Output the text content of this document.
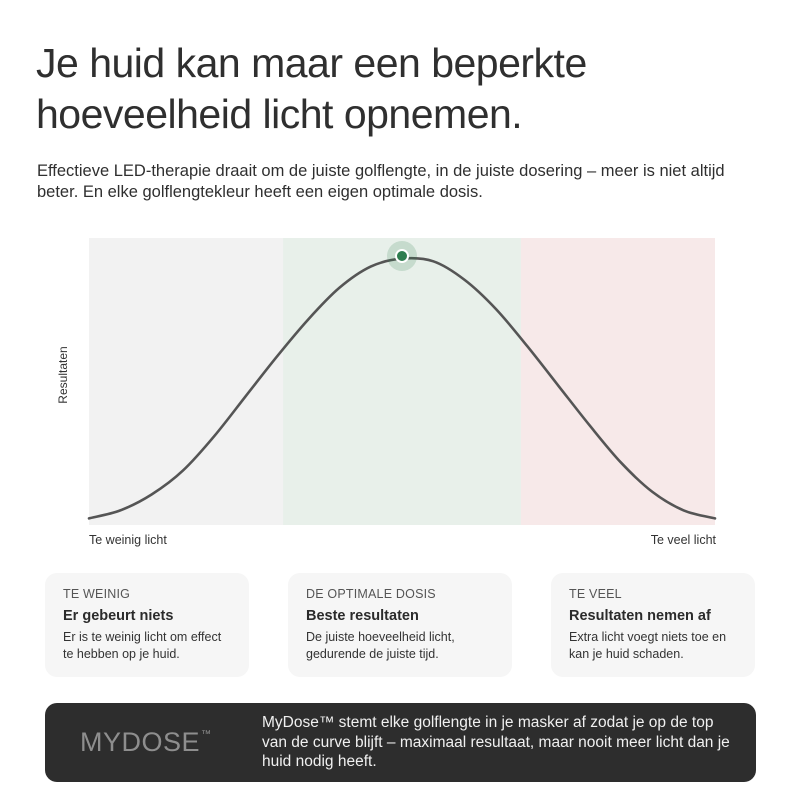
Je huid kan maar een beperkte hoeveelheid licht opnemen.

Effectieve LED-therapie draait om de juiste golflengte, in de juiste dosering – meer is niet altijd beter. En elke golflengtekleur heeft een eigen optimale dosis.

Resultaten
Te weinig licht	Te veel licht
TE WEINIG
Er gebeurt niets
Er is te weinig licht om effect te hebben op je huid.
DE OPTIMALE DOSIS
Beste resultaten
De juiste hoeveelheid licht, gedurende de juiste tijd.
TE VEEL
Resultaten nemen af
Extra licht voegt niets toe en kan je huid schaden.
MYDOSE™
MyDose™ stemt elke golflengte in je masker af zodat je op de top van de curve blijft – maximaal resultaat, maar nooit meer licht dan je huid nodig heeft.
